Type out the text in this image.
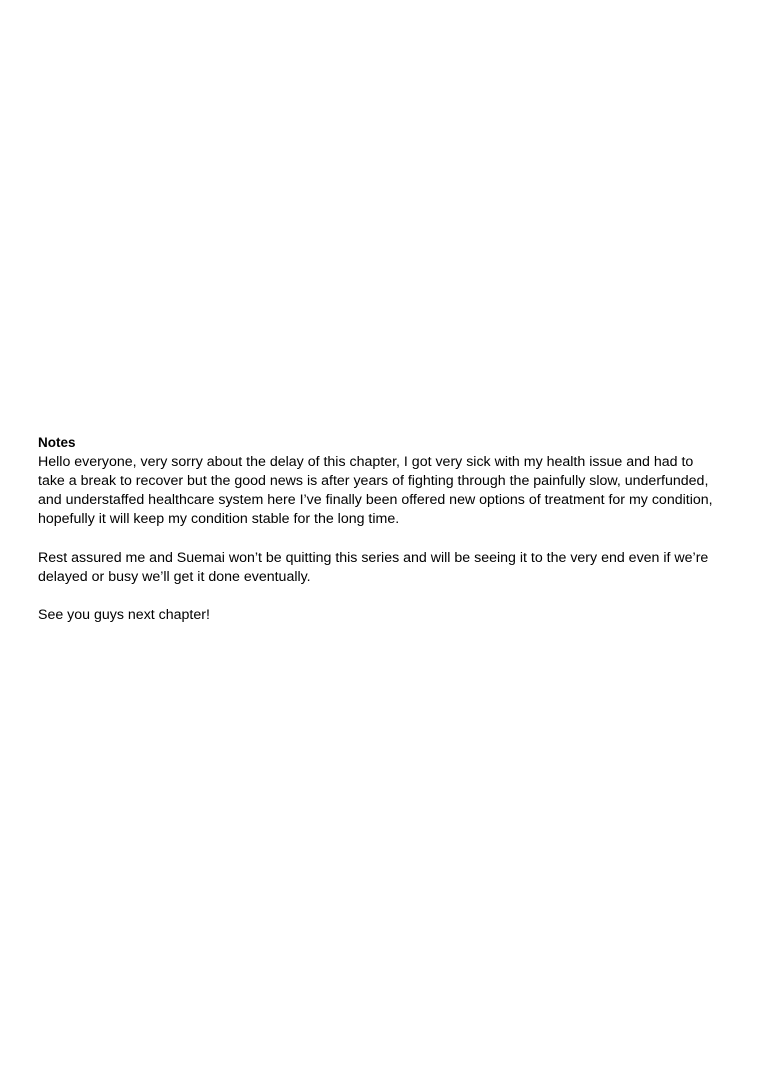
Notes
Hello everyone, very sorry about the delay of this chapter, I got very sick with my health issue and had to take a break to recover but the good news is after years of fighting through the painfully slow, underfunded, and understaffed healthcare system here I’ve finally been offered new options of treatment for my condition, hopefully it will keep my condition stable for the long time.
Rest assured me and Suemai won’t be quitting this series and will be seeing it to the very end even if we’re delayed or busy we’ll get it done eventually.
See you guys next chapter!
